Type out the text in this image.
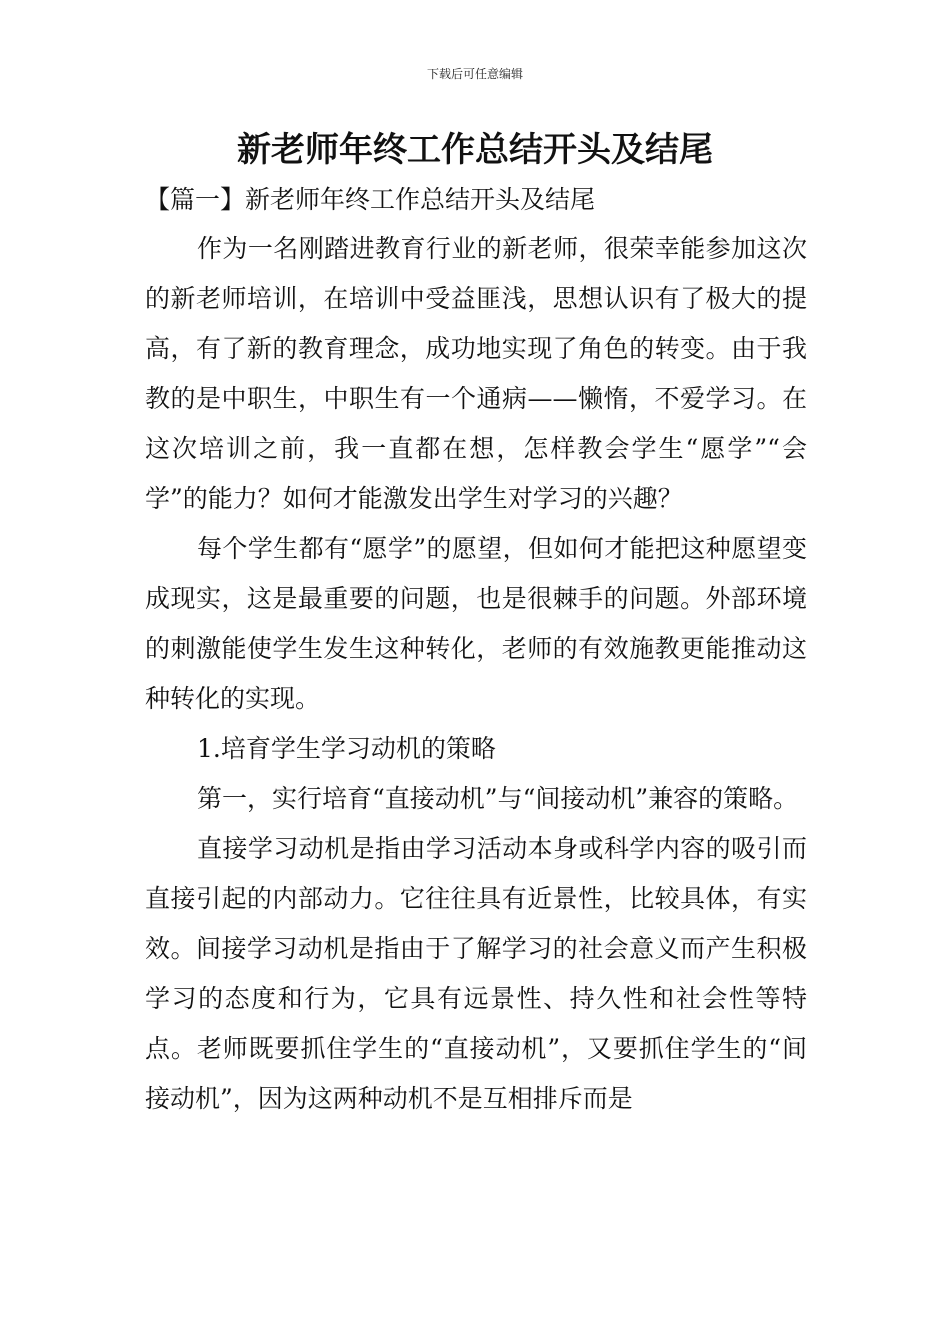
下载后可任意编辑
新老师年终工作总结开头及结尾
【篇一】新老师年终工作总结开头及结尾

作为一名刚踏进教育行业的新老师，很荣幸能参加这次的新老师培训，在培训中受益匪浅，思想认识有了极大的提高，有了新的教育理念，成功地实现了角色的转变。由于我教的是中职生，中职生有一个通病——懒惰，不爱学习。在这次培训之前，我一直都在想，怎样教会学生“愿学”“会学”的能力？如何才能激发出学生对学习的兴趣？

每个学生都有“愿学”的愿望，但如何才能把这种愿望变成现实，这是最重要的问题，也是很棘手的问题。外部环境的刺激能使学生发生这种转化，老师的有效施教更能推动这种转化的实现。

1.培育学生学习动机的策略

第一，实行培育“直接动机”与“间接动机”兼容的策略。

直接学习动机是指由学习活动本身或科学内容的吸引而直接引起的内部动力。它往往具有近景性，比较具体，有实效。间接学习动机是指由于了解学习的社会意义而产生积极学习的态度和行为，它具有远景性、持久性和社会性等特点。老师既要抓住学生的“直接动机”，又要抓住学生的“间接动机”，因为这两种动机不是互相排斥而是
